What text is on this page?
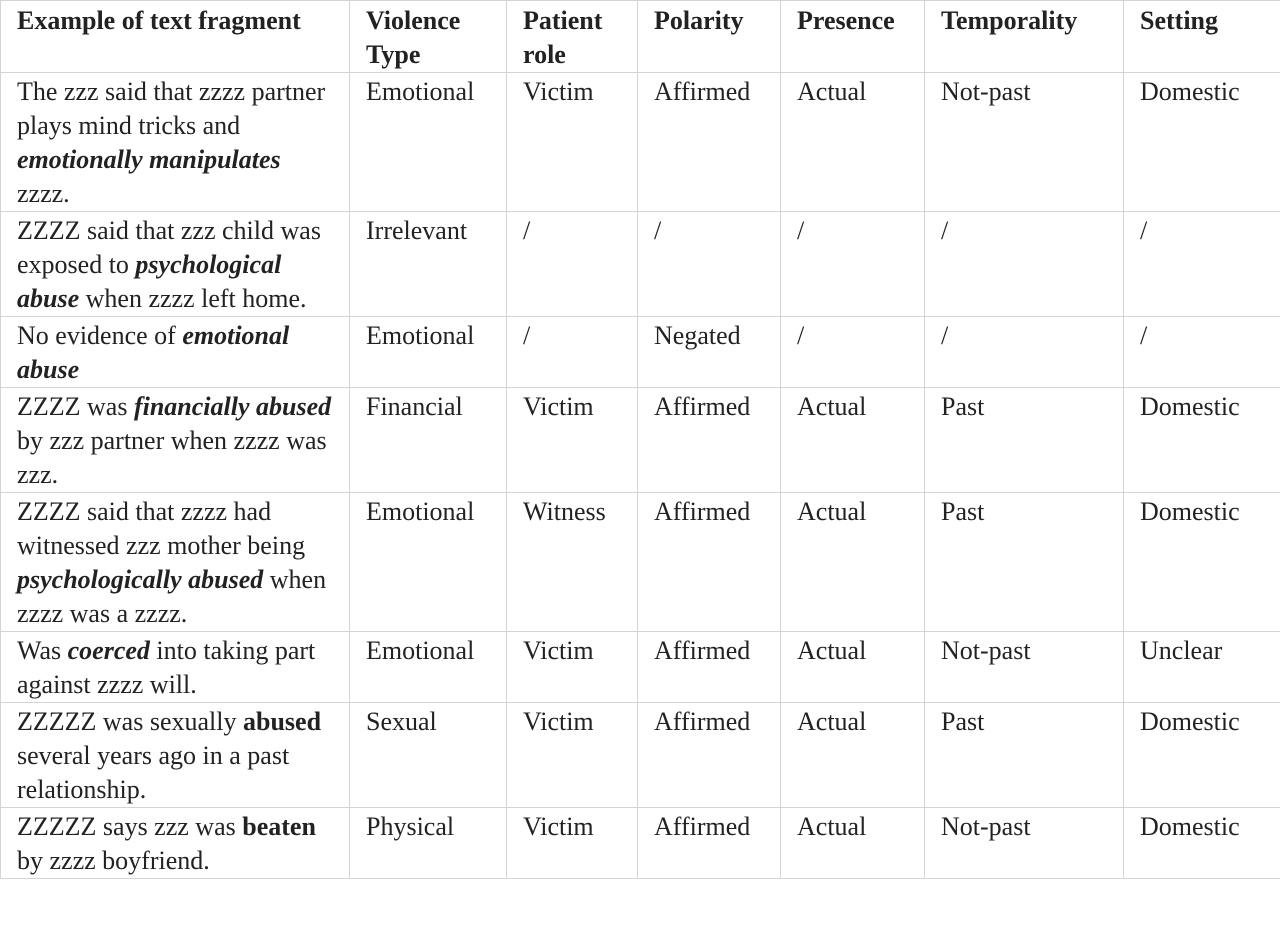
Example of text fragment	Violence Type	Patient role	Polarity	Presence	Temporality	Setting
The zzz said that zzzz partner plays mind tricks and emotionally manipulates zzzz.	Emotional	Victim	Affirmed	Actual	Not-past	Domestic
ZZZZ said that zzz child was exposed to psychological abuse when zzzz left home.	Irrelevant	/	/	/	/	/
No evidence of emotional abuse	Emotional	/	Negated	/	/	/
ZZZZ was financially abused by zzz partner when zzzz was zzz.	Financial	Victim	Affirmed	Actual	Past	Domestic
ZZZZ said that zzzz had witnessed zzz mother being psychologically abused when zzzz was a zzzz.	Emotional	Witness	Affirmed	Actual	Past	Domestic
Was coerced into taking part against zzzz will.	Emotional	Victim	Affirmed	Actual	Not-past	Unclear
ZZZZZ was sexually abused several years ago in a past relationship.	Sexual	Victim	Affirmed	Actual	Past	Domestic
ZZZZZ says zzz was beaten by zzzz boyfriend.	Physical	Victim	Affirmed	Actual	Not-past	Domestic
